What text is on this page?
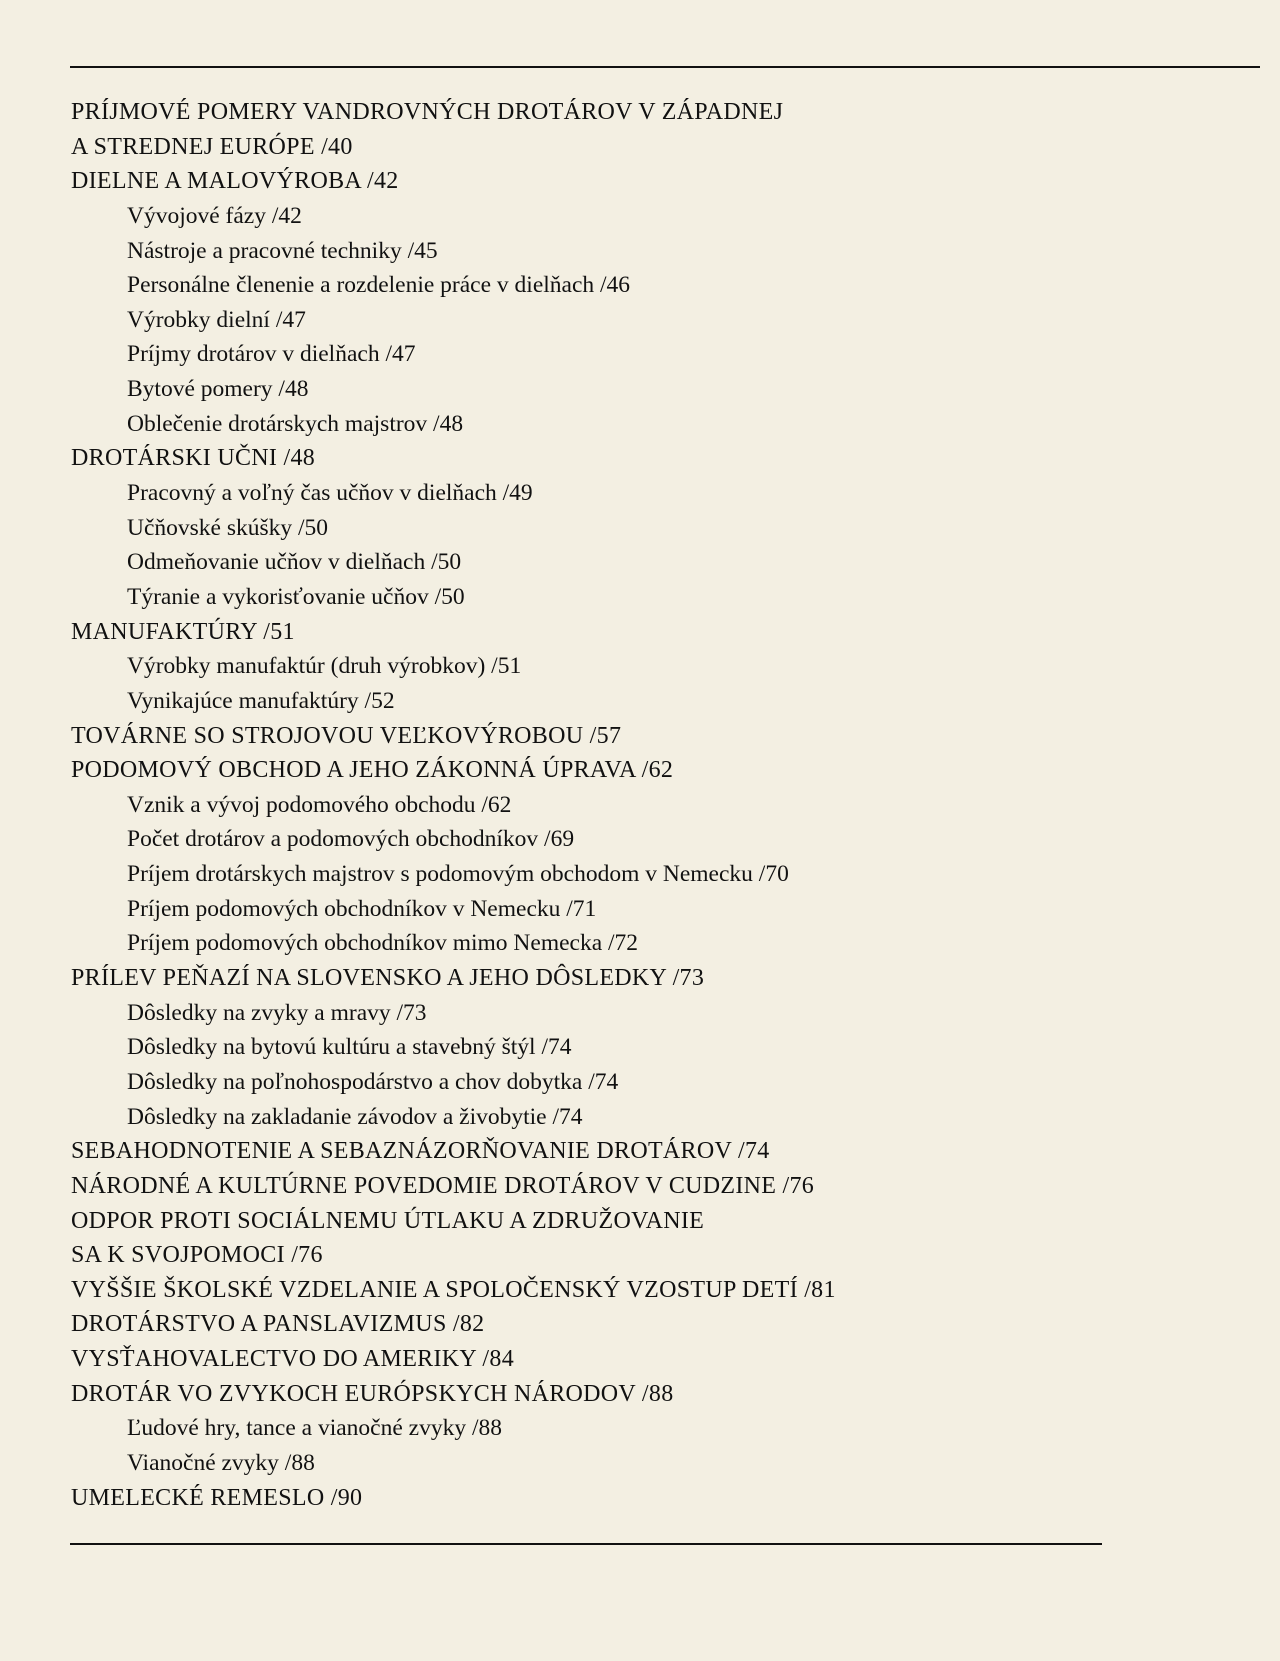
PRÍJMOVÉ POMERY VANDROVNÝCH DROTÁROV V ZÁPADNEJ
A STREDNEJ EURÓPE /40
DIELNE A MALOVÝROBA /42
Vývojové fázy /42
Nástroje a pracovné techniky /45
Personálne členenie a rozdelenie práce v dielňach /46
Výrobky dielní /47
Príjmy drotárov v dielňach /47
Bytové pomery /48
Oblečenie drotárskych majstrov /48
DROTÁRSKI UČNI /48
Pracovný a voľný čas učňov v dielňach /49
Učňovské skúšky /50
Odmeňovanie učňov v dielňach /50
Týranie a vykorisťovanie učňov /50
MANUFAKTÚRY /51
Výrobky manufaktúr (druh výrobkov) /51
Vynikajúce manufaktúry /52
TOVÁRNE SO STROJOVOU VEĽKOVÝROBOU /57
PODOMOVÝ OBCHOD A JEHO ZÁKONNÁ ÚPRAVA /62
Vznik a vývoj podomového obchodu /62
Počet drotárov a podomových obchodníkov /69
Príjem drotárskych majstrov s podomovým obchodom v Nemecku /70
Príjem podomových obchodníkov v Nemecku /71
Príjem podomových obchodníkov mimo Nemecka /72
PRÍLEV PEŇAZÍ NA SLOVENSKO A JEHO DÔSLEDKY /73
Dôsledky na zvyky a mravy /73
Dôsledky na bytovú kultúru a stavebný štýl /74
Dôsledky na poľnohospodárstvo a chov dobytka /74
Dôsledky na zakladanie závodov a živobytie /74
SEBAHODNOTENIE A SEBAZNÁZORŇOVANIE DROTÁROV /74
NÁRODNÉ A KULTÚRNE POVEDOMIE DROTÁROV V CUDZINE /76
ODPOR PROTI SOCIÁLNEMU ÚTLAKU A ZDRUŽOVANIE
SA K SVOJPOMOCI /76
VYŠŠIE ŠKOLSKÉ VZDELANIE A SPOLOČENSKÝ VZOSTUP DETÍ /81
DROTÁRSTVO A PANSLAVIZMUS /82
VYSŤAHOVALECTVO DO AMERIKY /84
DROTÁR VO ZVYKOCH EURÓPSKYCH NÁRODOV /88
Ľudové hry, tance a vianočné zvyky /88
Vianočné zvyky /88
UMELECKÉ REMESLO /90
